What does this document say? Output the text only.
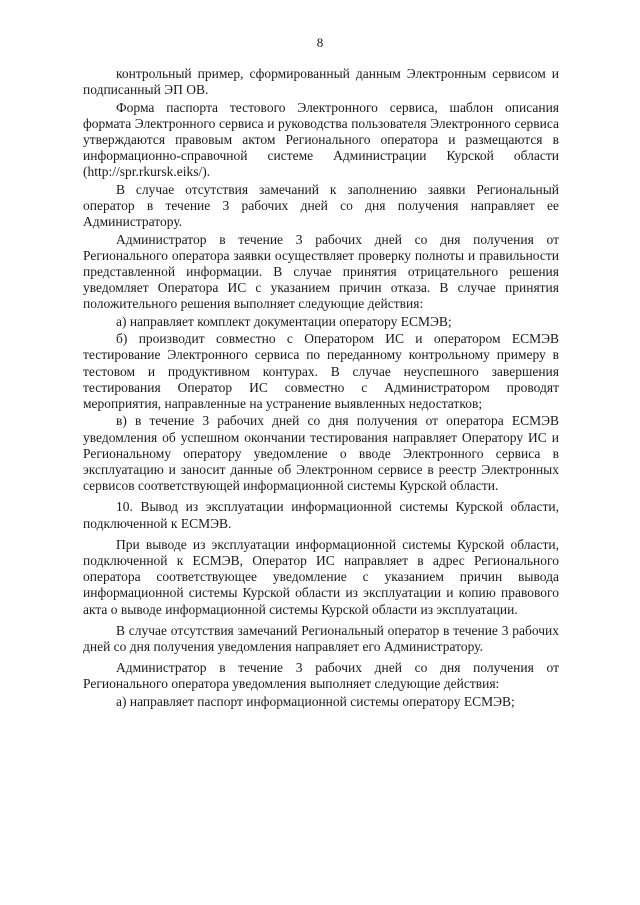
8

контрольный пример, сформированный данным Электронным сервисом и подписанный ЭП ОВ.

Форма паспорта тестового Электронного сервиса, шаблон описания формата Электронного сервиса и руководства пользователя Электронного сервиса утверждаются правовым актом Регионального оператора и размещаются в информационно-справочной системе Администрации Курской области (http://spr.rkursk.eiks/).

В случае отсутствия замечаний к заполнению заявки Региональный оператор в течение 3 рабочих дней со дня получения направляет ее Администратору.

Администратор в течение 3 рабочих дней со дня получения от Регионального оператора заявки осуществляет проверку полноты и правильности представленной информации. В случае принятия отрицательного решения уведомляет Оператора ИС с указанием причин отказа. В случае принятия положительного решения выполняет следующие действия:

а) направляет комплект документации оператору ЕСМЭВ;

б) производит совместно с Оператором ИС и оператором ЕСМЭВ тестирование Электронного сервиса по переданному контрольному примеру в тестовом и продуктивном контурах. В случае неуспешного завершения тестирования Оператор ИС совместно с Администратором проводят мероприятия, направленные на устранение выявленных недостатков;

в) в течение 3 рабочих дней со дня получения от оператора ЕСМЭВ уведомления об успешном окончании тестирования направляет Оператору ИС и Региональному оператору уведомление о вводе Электронного сервиса в эксплуатацию и заносит данные об Электронном сервисе в реестр Электронных сервисов соответствующей информационной системы Курской области.

10. Вывод из эксплуатации информационной системы Курской области, подключенной к ЕСМЭВ.

При выводе из эксплуатации информационной системы Курской области, подключенной к ЕСМЭВ, Оператор ИС направляет в адрес Регионального оператора соответствующее уведомление с указанием причин вывода информационной системы Курской области из эксплуатации и копию правового акта о выводе информационной системы Курской области из эксплуатации.

В случае отсутствия замечаний Региональный оператор в течение 3 рабочих дней со дня получения уведомления направляет его Администратору.

Администратор в течение 3 рабочих дней со дня получения от Регионального оператора уведомления выполняет следующие действия:

а) направляет паспорт информационной системы оператору ЕСМЭВ;
